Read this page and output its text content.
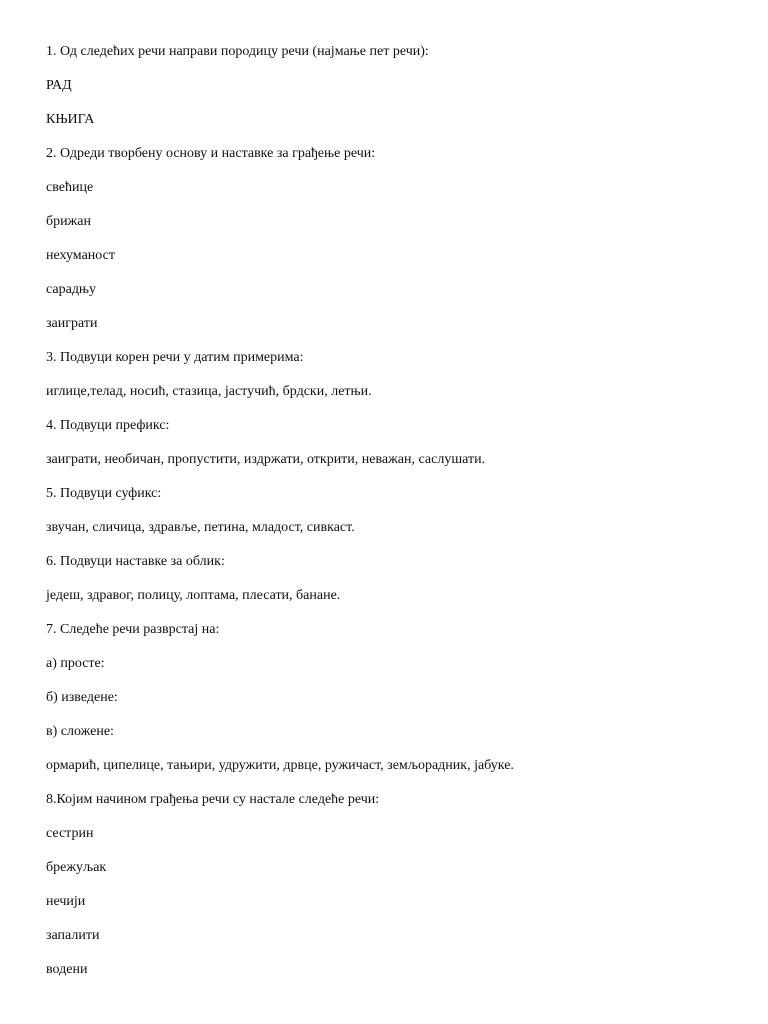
1. Од следећих речи направи породицу речи (најмање пет речи):

РАД

КЊИГА

2. Одреди творбену основу и наставке за грађење речи:

свећице

брижан

нехуманост

сарадњу

заиграти

3. Подвуци корен речи у датим примерима:

иглице,телад, носић, стазица, јастучић, брдски, летњи.

4. Подвуци префикс:

заиграти, необичан, пропустити, издржати, открити, неважан, саслушати.

5. Подвуци суфикс:

звучан, сличица, здравље, петина, младост, сивкаст.

6. Подвуци наставке за облик:

једеш, здравог, полицу, лоптама, плесати, банане.

7. Следеће речи разврстај на:

а) просте:

б) изведене:

в) сложене:

ормарић, ципелице, тањири, удружити, дрвце, ружичаст, земљорадник, јабуке.

8.Којим начином грађења речи су настале следеће речи:

сестрин

брежуљак

нечији

запалити

водени
